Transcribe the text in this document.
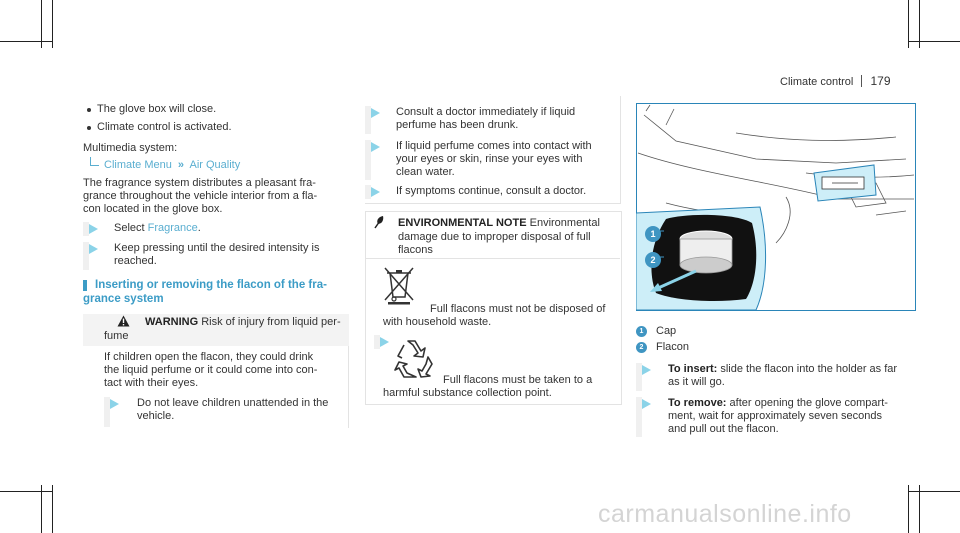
Climate control 179
The glove box will close.
Climate control is activated.
Multimedia system:
Climate Menu » Air Quality
The fragrance system distributes a pleasant fra-
grance throughout the vehicle interior from a fla-
con located in the glove box.
Select Fragrance.
Keep pressing until the desired intensity is
reached.
Inserting or removing the flacon of the fra-
grance system
WARNING Risk of injury from liquid per-
fume
If children open the flacon, they could drink
the liquid perfume or it could come into con-
tact with their eyes.
Do not leave children unattended in the
vehicle.
Consult a doctor immediately if liquid
perfume has been drunk.
If liquid perfume comes into contact with
your eyes or skin, rinse your eyes with
clean water.
If symptoms continue, consult a doctor.
ENVIRONMENTAL NOTE Environmental
damage due to improper disposal of full
flacons
Full flacons must not be disposed of
with household waste.
Full flacons must be taken to a
harmful substance collection point.
1
2
1	Cap
2	Flacon
To insert: slide the flacon into the holder as far
as it will go.
To remove: after opening the glove compart-
ment, wait for approximately seven seconds
and pull out the flacon.
carmanualsonline.info
